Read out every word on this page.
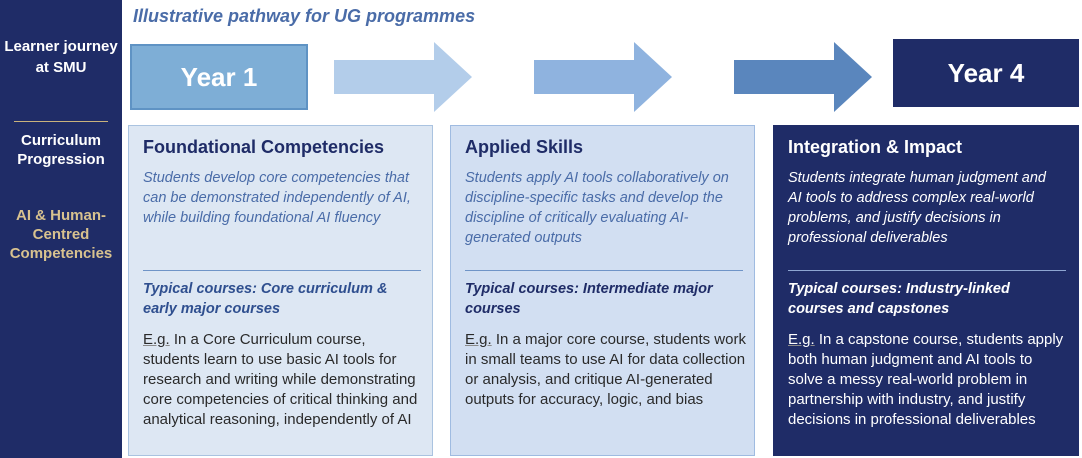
Learner journey at SMU
Curriculum Progression
AI & Human-Centred Competencies
Illustrative pathway for UG programmes
Year 1	Year 4
Foundational Competencies
Students develop core competencies that can be demonstrated independently of AI, while building foundational AI fluency
Typical courses: Core curriculum & early major courses
E.g. In a Core Curriculum course, students learn to use basic AI tools for research and writing while demonstrating core competencies of critical thinking and analytical reasoning, independently of AI
Applied Skills
Students apply AI tools collaboratively on discipline-specific tasks and develop the discipline of critically evaluating AI-generated outputs
Typical courses: Intermediate major courses
E.g. In a major core course, students work in small teams to use AI for data collection or analysis, and critique AI-generated outputs for accuracy, logic, and bias
Integration & Impact
Students integrate human judgment and AI tools to address complex real-world problems, and justify decisions in professional deliverables
Typical courses: Industry-linked courses and capstones
E.g. In a capstone course, students apply both human judgment and AI tools to solve a messy real-world problem in partnership with industry, and justify decisions in professional deliverables
